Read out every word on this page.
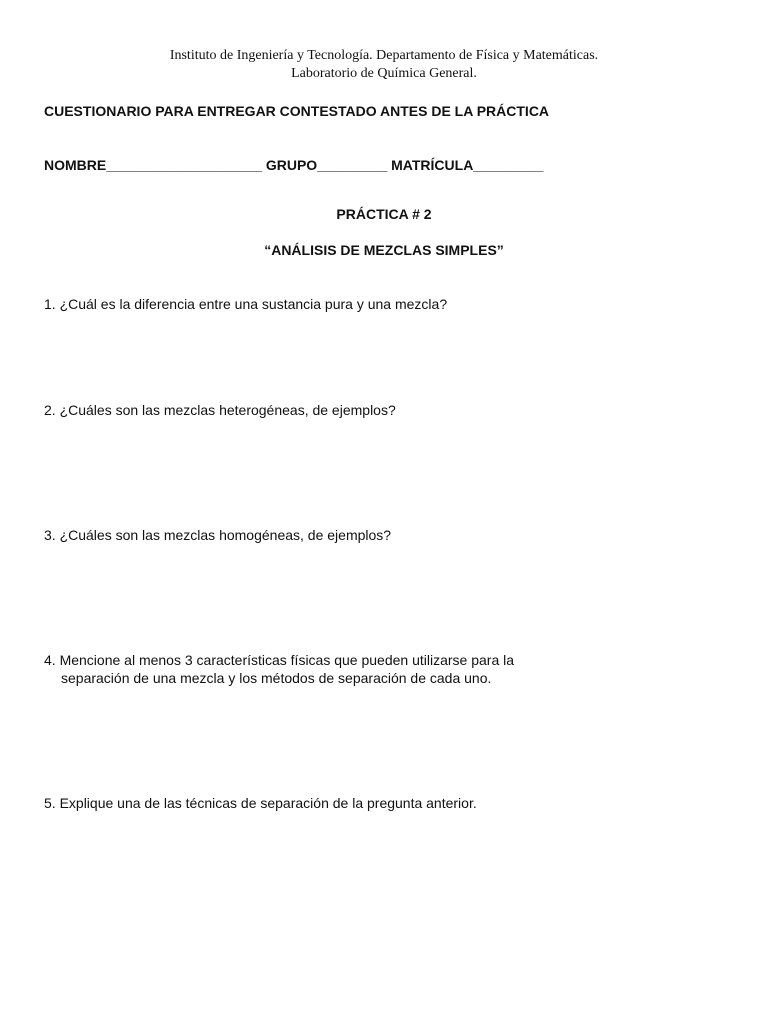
Instituto de Ingeniería y Tecnología. Departamento de Física y Matemáticas.
Laboratorio de Química General.
CUESTIONARIO PARA ENTREGAR CONTESTADO ANTES DE LA PRÁCTICA
NOMBRE____________________ GRUPO_________ MATRÍCULA_________
PRÁCTICA # 2
“ANÁLISIS DE MEZCLAS SIMPLES”
1. ¿Cuál es la diferencia entre una sustancia pura y una mezcla?
2. ¿Cuáles son las mezclas heterogéneas, de ejemplos?
3. ¿Cuáles son las mezclas homogéneas, de ejemplos?
4. Mencione al menos 3 características físicas que pueden utilizarse para la
separación de una mezcla y los métodos de separación de cada uno.
5. Explique una de las técnicas de separación de la pregunta anterior.
